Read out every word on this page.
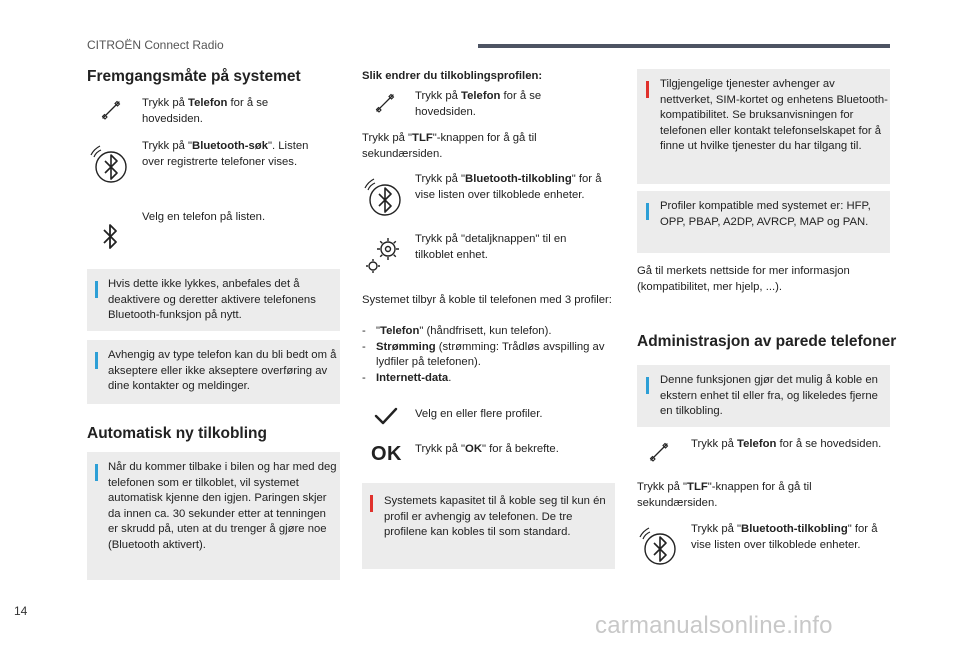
CITROËN Connect Radio
Fremgangsmåte på systemet
Trykk på Telefon for å se hovedsiden.
Trykk på "Bluetooth-søk". Listen over registrerte telefoner vises.
Velg en telefon på listen.
Hvis dette ikke lykkes, anbefales det å deaktivere og deretter aktivere telefonens Bluetooth-funksjon på nytt.
Avhengig av type telefon kan du bli bedt om å akseptere eller ikke akseptere overføring av dine kontakter og meldinger.
Automatisk ny tilkobling
Når du kommer tilbake i bilen og har med deg telefonen som er tilkoblet, vil systemet automatisk kjenne den igjen. Paringen skjer da innen ca. 30 sekunder etter at tenningen er skrudd på, uten at du trenger å gjøre noe (Bluetooth aktivert).
Slik endrer du tilkoblingsprofilen:
Trykk på Telefon for å se hovedsiden.
Trykk på "TLF"-knappen for å gå til sekundærsiden.
Trykk på "Bluetooth-tilkobling" for å vise listen over tilkoblede enheter.
Trykk på "detaljknappen" til en tilkoblet enhet.
Systemet tilbyr å koble til telefonen med 3 profiler:
- "Telefon" (håndfrisett, kun telefon).
- Strømming (strømming: Trådløs avspilling av lydfiler på telefonen).
- Internett-data.
Velg en eller flere profiler.
OK Trykk på "OK" for å bekrefte.
Systemets kapasitet til å koble seg til kun én profil er avhengig av telefonen. De tre profilene kan kobles til som standard.
Tilgjengelige tjenester avhenger av nettverket, SIM-kortet og enhetens Bluetooth-kompatibilitet. Se bruksanvisningen for telefonen eller kontakt telefonselskapet for å finne ut hvilke tjenester du har tilgang til.
Profiler kompatible med systemet er: HFP, OPP, PBAP, A2DP, AVRCP, MAP og PAN.
Gå til merkets nettside for mer informasjon (kompatibilitet, mer hjelp, ...).
Administrasjon av parede telefoner
Denne funksjonen gjør det mulig å koble en ekstern enhet til eller fra, og likeledes fjerne en tilkobling.
Trykk på Telefon for å se hovedsiden.
Trykk på "TLF"-knappen for å gå til sekundærsiden.
Trykk på "Bluetooth-tilkobling" for å vise listen over tilkoblede enheter.
14
carmanualsonline.info
